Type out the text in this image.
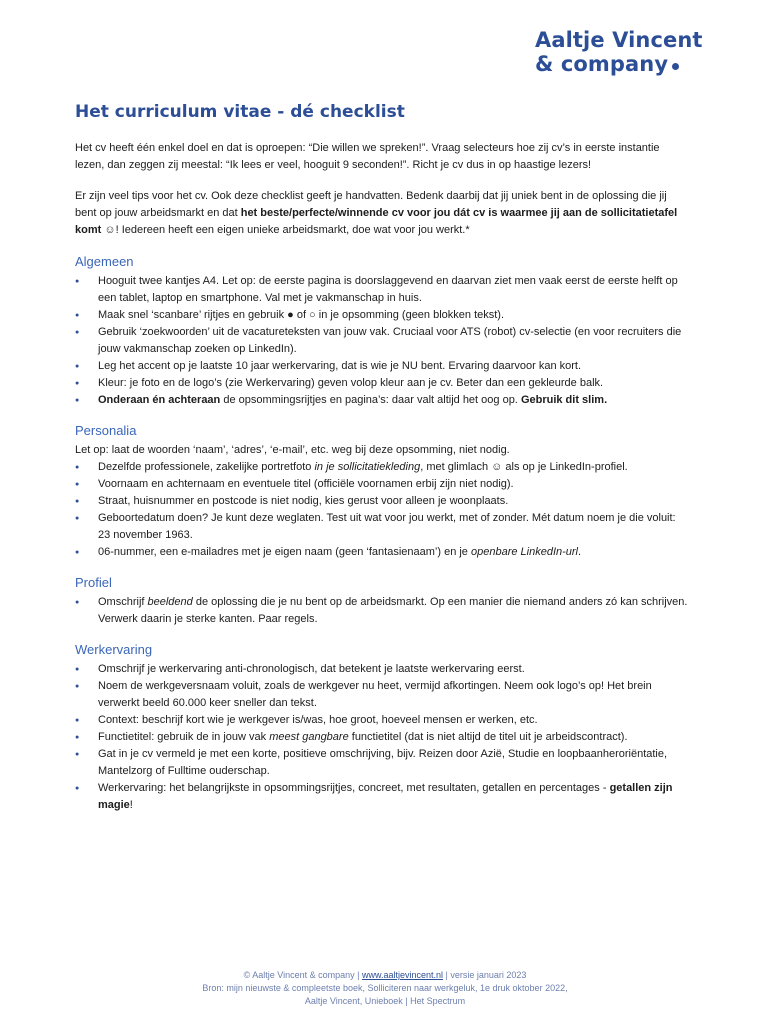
Aaltje Vincent
& company
Het curriculum vitae - dé checklist

Het cv heeft één enkel doel en dat is oproepen: “Die willen we spreken!”. Vraag selecteurs hoe zij cv’s in eerste instantie lezen, dan zeggen zij meestal: “Ik lees er veel, hooguit 9 seconden!”. Richt je cv dus in op haastige lezers!

Er zijn veel tips voor het cv. Ook deze checklist geeft je handvatten. Bedenk daarbij dat jij uniek bent in de oplossing die jij bent op jouw arbeidsmarkt en dat het beste/perfecte/winnende cv voor jou dát cv is waarmee jij aan de sollicitatietafel komt ☺! Iedereen heeft een eigen unieke arbeidsmarkt, doe wat voor jou werkt.*

Algemeen
● Hooguit twee kantjes A4. Let op: de eerste pagina is doorslaggevend en daarvan ziet men vaak eerst de eerste helft op een tablet, laptop en smartphone. Val met je vakmanschap in huis.
● Maak snel ‘scanbare’ rijtjes en gebruik ● of ○ in je opsomming (geen blokken tekst).
● Gebruik ‘zoekwoorden’ uit de vacatureteksten van jouw vak. Cruciaal voor ATS (robot) cv-selectie (en voor recruiters die jouw vakmanschap zoeken op LinkedIn).
● Leg het accent op je laatste 10 jaar werkervaring, dat is wie je NU bent. Ervaring daarvoor kan kort.
● Kleur: je foto en de logo’s (zie Werkervaring) geven volop kleur aan je cv. Beter dan een gekleurde balk.
● Onderaan én achteraan de opsommingsrijtjes en pagina’s: daar valt altijd het oog op. Gebruik dit slim.
Personalia

Let op: laat de woorden ‘naam’, ‘adres’, ‘e-mail’, etc. weg bij deze opsomming, niet nodig.

● Dezelfde professionele, zakelijke portretfoto in je sollicitatiekleding, met glimlach ☺ als op je LinkedIn-profiel.
● Voornaam en achternaam en eventuele titel (officiële voornamen erbij zijn niet nodig).
● Straat, huisnummer en postcode is niet nodig, kies gerust voor alleen je woonplaats.
● Geboortedatum doen? Je kunt deze weglaten. Test uit wat voor jou werkt, met of zonder. Mét datum noem je die voluit: 23 november 1963.
● 06-nummer, een e-mailadres met je eigen naam (geen ‘fantasienaam’) en je openbare LinkedIn-url.
Profiel
● Omschrijf beeldend de oplossing die je nu bent op de arbeidsmarkt. Op een manier die niemand anders zó kan schrijven. Verwerk daarin je sterke kanten. Paar regels.
Werkervaring
● Omschrijf je werkervaring anti-chronologisch, dat betekent je laatste werkervaring eerst.
● Noem de werkgeversnaam voluit, zoals de werkgever nu heet, vermijd afkortingen. Neem ook logo’s op! Het brein verwerkt beeld 60.000 keer sneller dan tekst.
● Context: beschrijf kort wie je werkgever is/was, hoe groot, hoeveel mensen er werken, etc.
● Functietitel: gebruik de in jouw vak meest gangbare functietitel (dat is niet altijd de titel uit je arbeidscontract).
● Gat in je cv vermeld je met een korte, positieve omschrijving, bijv. Reizen door Azië, Studie en loopbaanheroriëntatie, Mantelzorg of Fulltime ouderschap.
● Werkervaring: het belangrijkste in opsommingsrijtjes, concreet, met resultaten, getallen en percentages - getallen zijn magie!
© Aaltje Vincent & company | www.aaltjevincent.nl | versie januari 2023
Bron: mijn nieuwste & compleetste boek, Solliciteren naar werkgeluk, 1e druk oktober 2022,
Aaltje Vincent, Unieboek | Het Spectrum
